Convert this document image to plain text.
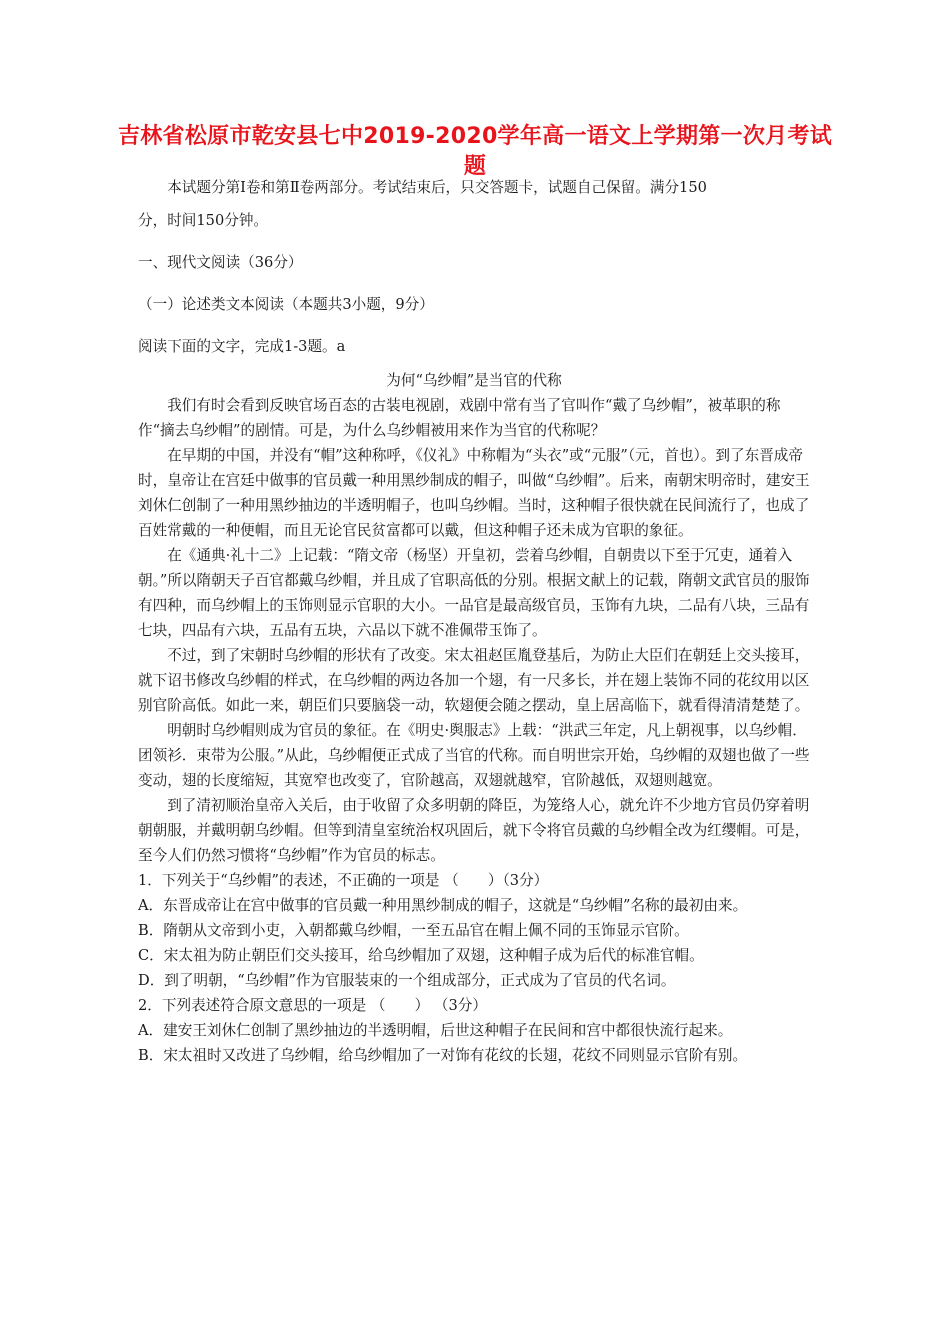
吉林省松原市乾安县七中2019-2020学年高一语文上学期第一次月考试题

本试题分第Ⅰ卷和第Ⅱ卷两部分。考试结束后，只交答题卡，试题自己保留。满分150

分，时间150分钟。

一、现代文阅读（36分）

（一）论述类文本阅读（本题共3小题，9分）

阅读下面的文字，完成1-3题。a

为何“乌纱帽”是当官的代称

我们有时会看到反映官场百态的古装电视剧，戏剧中常有当了官叫作“戴了乌纱帽”，被革职的称作“摘去乌纱帽”的剧情。可是，为什么乌纱帽被用来作为当官的代称呢？

在早期的中国，并没有“帽”这种称呼，《仪礼》中称帽为“头衣”或“元服”（元，首也）。到了东晋成帝时，皇帝让在宫廷中做事的官员戴一种用黑纱制成的帽子，叫做“乌纱帽”。后来，南朝宋明帝时，建安王刘休仁创制了一种用黑纱抽边的半透明帽子，也叫乌纱帽。当时，这种帽子很快就在民间流行了，也成了百姓常戴的一种便帽，而且无论官民贫富都可以戴，但这种帽子还未成为官职的象征。

在《通典·礼十二》上记载：“隋文帝（杨坚）开皇初，尝着乌纱帽，自朝贵以下至于冗吏，通着入朝。”所以隋朝天子百官都戴乌纱帽，并且成了官职高低的分别。根据文献上的记载，隋朝文武官员的服饰有四种，而乌纱帽上的玉饰则显示官职的大小。一品官是最高级官员，玉饰有九块，二品有八块，三品有七块，四品有六块，五品有五块，六品以下就不准佩带玉饰了。

不过，到了宋朝时乌纱帽的形状有了改变。宋太祖赵匡胤登基后，为防止大臣们在朝廷上交头接耳，就下诏书修改乌纱帽的样式，在乌纱帽的两边各加一个翅，有一尺多长，并在翅上装饰不同的花纹用以区别官阶高低。如此一来，朝臣们只要脑袋一动，软翅便会随之摆动，皇上居高临下，就看得清清楚楚了。

明朝时乌纱帽则成为官员的象征。在《明史·舆服志》上载：“洪武三年定，凡上朝视事，以乌纱帽．团领衫．束带为公服。”从此，乌纱帽便正式成了当官的代称。而自明世宗开始，乌纱帽的双翅也做了一些变动，翅的长度缩短，其宽窄也改变了，官阶越高，双翅就越窄，官阶越低，双翅则越宽。

到了清初顺治皇帝入关后，由于收留了众多明朝的降臣，为笼络人心，就允许不少地方官员仍穿着明朝朝服，并戴明朝乌纱帽。但等到清皇室统治权巩固后，就下令将官员戴的乌纱帽全改为红缨帽。可是，至今人们仍然习惯将“乌纱帽”作为官员的标志。

1．下列关于“乌纱帽”的表述，不正确的一项是 （　　）（3分）

A．东晋成帝让在宫中做事的官员戴一种用黑纱制成的帽子，这就是“乌纱帽”名称的最初由来。

B．隋朝从文帝到小吏，入朝都戴乌纱帽，一至五品官在帽上佩不同的玉饰显示官阶。

C．宋太祖为防止朝臣们交头接耳，给乌纱帽加了双翅，这种帽子成为后代的标准官帽。

D．到了明朝，“乌纱帽”作为官服装束的一个组成部分，正式成为了官员的代名词。

2．下列表述符合原文意思的一项是 （　　） （3分）

A．建安王刘休仁创制了黑纱抽边的半透明帽，后世这种帽子在民间和宫中都很快流行起来。

B．宋太祖时又改进了乌纱帽，给乌纱帽加了一对饰有花纹的长翅，花纹不同则显示官阶有别。
